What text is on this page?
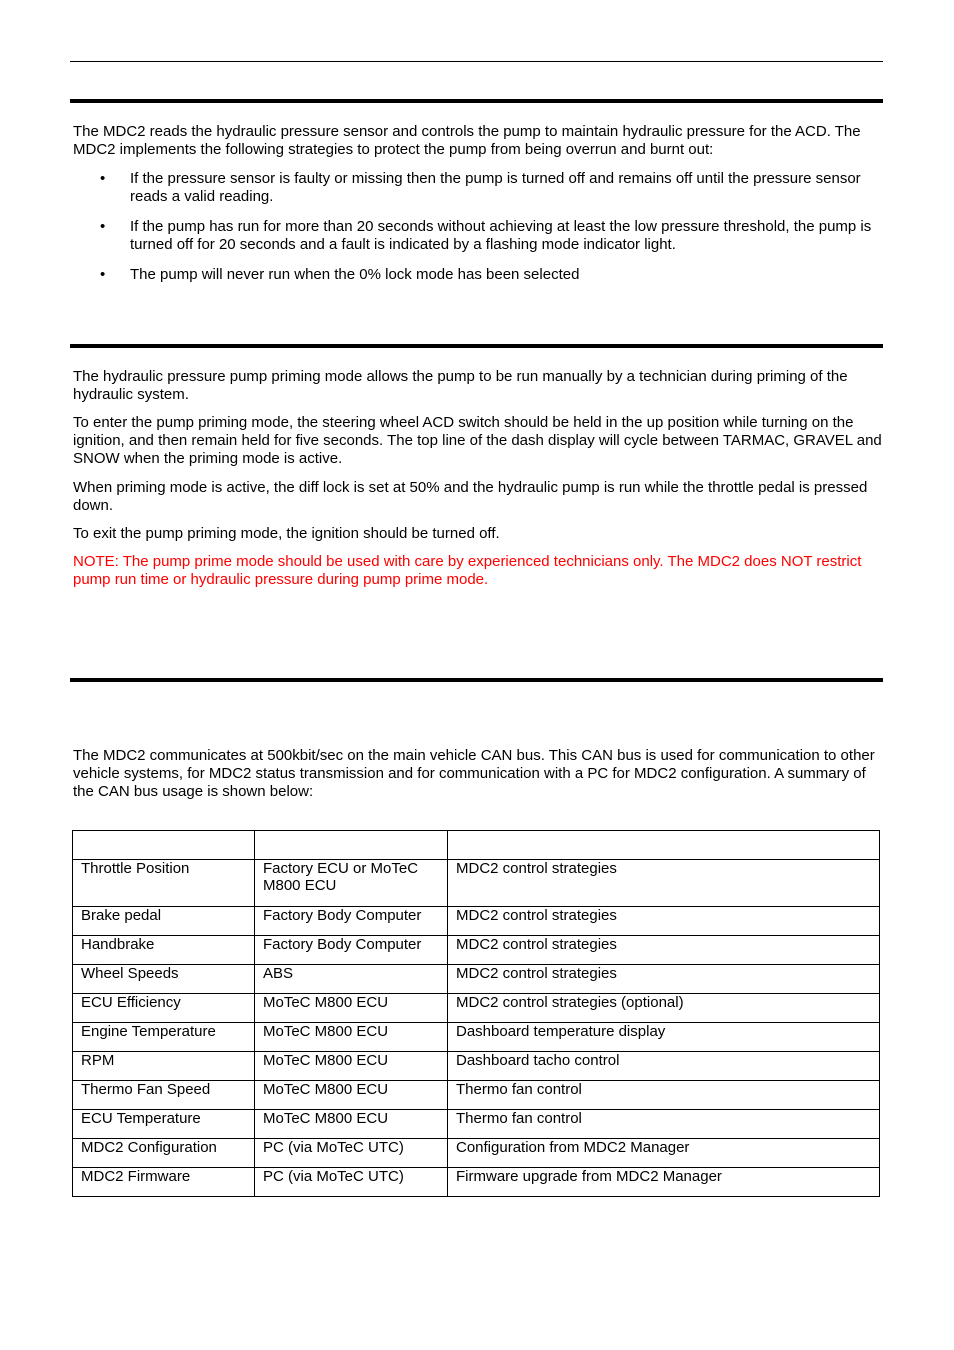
The MDC2 reads the hydraulic pressure sensor and controls the pump to maintain hydraulic pressure for the ACD. The MDC2 implements the following strategies to protect the pump from being overrun and burnt out:

•	If the pressure sensor is faulty or missing then the pump is turned off and remains off until the pressure sensor reads a valid reading.
•	If the pump has run for more than 20 seconds without achieving at least the low pressure threshold, the pump is turned off for 20 seconds and a fault is indicated by a flashing mode indicator light.
•	The pump will never run when the 0% lock mode has been selected

The hydraulic pressure pump priming mode allows the pump to be run manually by a technician during priming of the hydraulic system.

To enter the pump priming mode, the steering wheel ACD switch should be held in the up position while turning on the ignition, and then remain held for five seconds. The top line of the dash display will cycle between TARMAC, GRAVEL and SNOW when the priming mode is active.

When priming mode is active, the diff lock is set at 50% and the hydraulic pump is run while the throttle pedal is pressed down.

To exit the pump priming mode, the ignition should be turned off.

NOTE: The pump prime mode should be used with care by experienced technicians only. The MDC2 does NOT restrict pump run time or hydraulic pressure during pump prime mode.

The MDC2 communicates at 500kbit/sec on the main vehicle CAN bus. This CAN bus is used for communication to other vehicle systems, for MDC2 status transmission and for communication with a PC for MDC2 configuration. A summary of the CAN bus usage is shown below:

Throttle Position	Factory ECU or MoTeC M800 ECU	MDC2 control strategies
Brake pedal	Factory Body Computer	MDC2 control strategies
Handbrake	Factory Body Computer	MDC2 control strategies
Wheel Speeds	ABS	MDC2 control strategies
ECU Efficiency	MoTeC M800 ECU	MDC2 control strategies (optional)
Engine Temperature	MoTeC M800 ECU	Dashboard temperature display
RPM	MoTeC M800 ECU	Dashboard tacho control
Thermo Fan Speed	MoTeC M800 ECU	Thermo fan control
ECU Temperature	MoTeC M800 ECU	Thermo fan control
MDC2 Configuration	PC (via MoTeC UTC)	Configuration from MDC2 Manager
MDC2 Firmware	PC (via MoTeC UTC)	Firmware upgrade from MDC2 Manager
